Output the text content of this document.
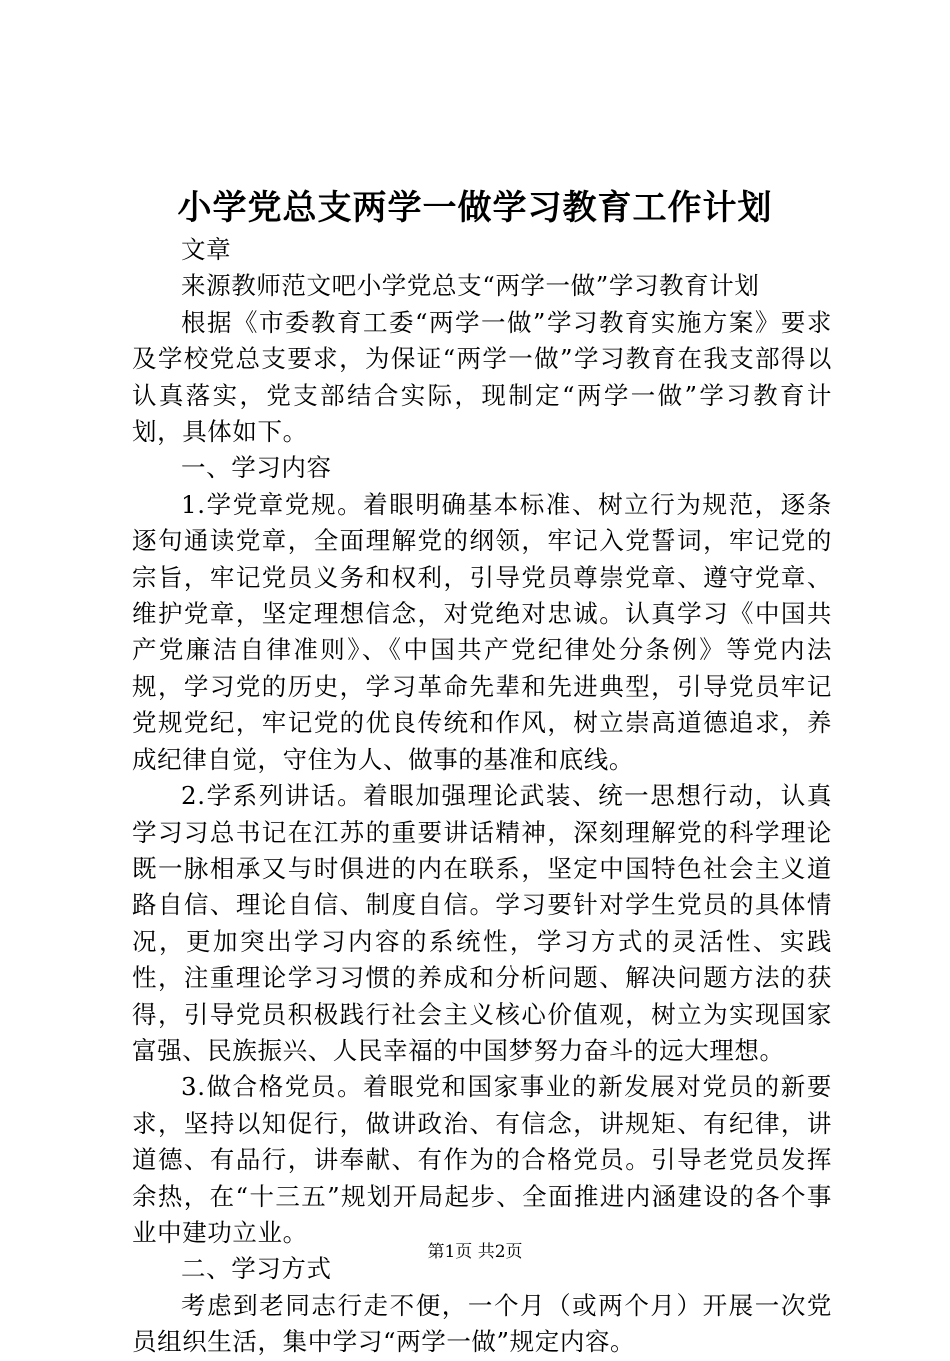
小学党总支两学一做学习教育工作计划

文章

来源教师范文吧小学党总支“两学一做”学习教育计划

根据《市委教育工委“两学一做”学习教育实施方案》要求及学校党总支要求，为保证“两学一做”学习教育在我支部得以认真落实，党支部结合实际，现制定“两学一做”学习教育计划，具体如下。

一、学习内容

1.学党章党规。着眼明确基本标准、树立行为规范，逐条逐句通读党章，全面理解党的纲领，牢记入党誓词，牢记党的宗旨，牢记党员义务和权利，引导党员尊崇党章、遵守党章、维护党章，坚定理想信念，对党绝对忠诚。认真学习《中国共产党廉洁自律准则》、《中国共产党纪律处分条例》等党内法规，学习党的历史，学习革命先辈和先进典型，引导党员牢记党规党纪，牢记党的优良传统和作风，树立崇高道德追求，养成纪律自觉，守住为人、做事的基准和底线。

2.学系列讲话。着眼加强理论武装、统一思想行动，认真学习习总书记在江苏的重要讲话精神，深刻理解党的科学理论既一脉相承又与时俱进的内在联系，坚定中国特色社会主义道路自信、理论自信、制度自信。学习要针对学生党员的具体情况，更加突出学习内容的系统性，学习方式的灵活性、实践性，注重理论学习习惯的养成和分析问题、解决问题方法的获得，引导党员积极践行社会主义核心价值观，树立为实现国家富强、民族振兴、人民幸福的中国梦努力奋斗的远大理想。

3.做合格党员。着眼党和国家事业的新发展对党员的新要求，坚持以知促行，做讲政治、有信念，讲规矩、有纪律，讲道德、有品行，讲奉献、有作为的合格党员。引导老党员发挥余热，在“十三五”规划开局起步、全面推进内涵建设的各个事业中建功立业。

二、学习方式

考虑到老同志行走不便，一个月（或两个月）开展一次党员组织生活，集中学习“两学一做”规定内容。

第1页 共2页
